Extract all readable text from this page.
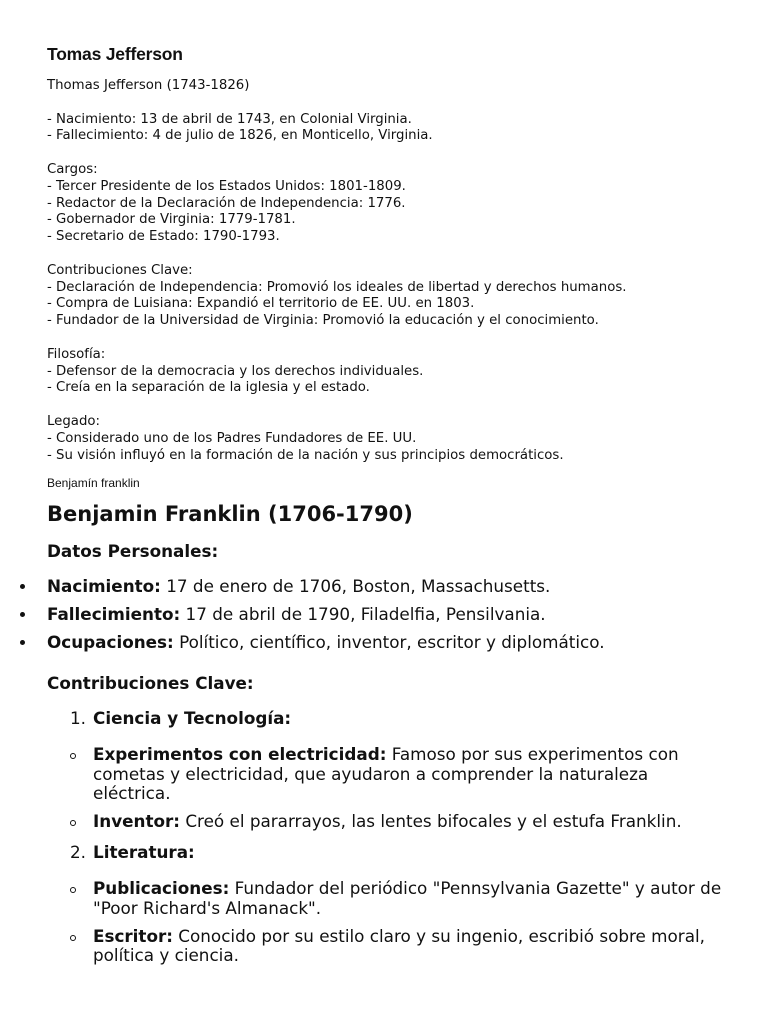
Tomas Jefferson
Thomas Jefferson (1743-1826)
- Nacimiento: 13 de abril de 1743, en Colonial Virginia.
- Fallecimiento: 4 de julio de 1826, en Monticello, Virginia.
Cargos:
- Tercer Presidente de los Estados Unidos: 1801-1809.
- Redactor de la Declaración de Independencia: 1776.
- Gobernador de Virginia: 1779-1781.
- Secretario de Estado: 1790-1793.
Contribuciones Clave:
- Declaración de Independencia: Promovió los ideales de libertad y derechos humanos.
- Compra de Luisiana: Expandió el territorio de EE. UU. en 1803.
- Fundador de la Universidad de Virginia: Promovió la educación y el conocimiento.
Filosofía:
- Defensor de la democracia y los derechos individuales.
- Creía en la separación de la iglesia y el estado.
Legado:
- Considerado uno de los Padres Fundadores de EE. UU.
- Su visión influyó en la formación de la nación y sus principios democráticos.

Benjamín franklin

Benjamin Franklin (1706-1790)
Datos Personales:
Nacimiento: 17 de enero de 1706, Boston, Massachusetts.
Fallecimiento: 17 de abril de 1790, Filadelfia, Pensilvania.
Ocupaciones: Político, científico, inventor, escritor y diplomático.
Contribuciones Clave:
1. Ciencia y Tecnología:
Experimentos con electricidad: Famoso por sus experimentos con cometas y electricidad, que ayudaron a comprender la naturaleza eléctrica.
Inventor: Creó el pararrayos, las lentes bifocales y el estufa Franklin.
2. Literatura:
Publicaciones: Fundador del periódico "Pennsylvania Gazette" y autor de "Poor Richard's Almanack".
Escritor: Conocido por su estilo claro y su ingenio, escribió sobre moral, política y ciencia.
